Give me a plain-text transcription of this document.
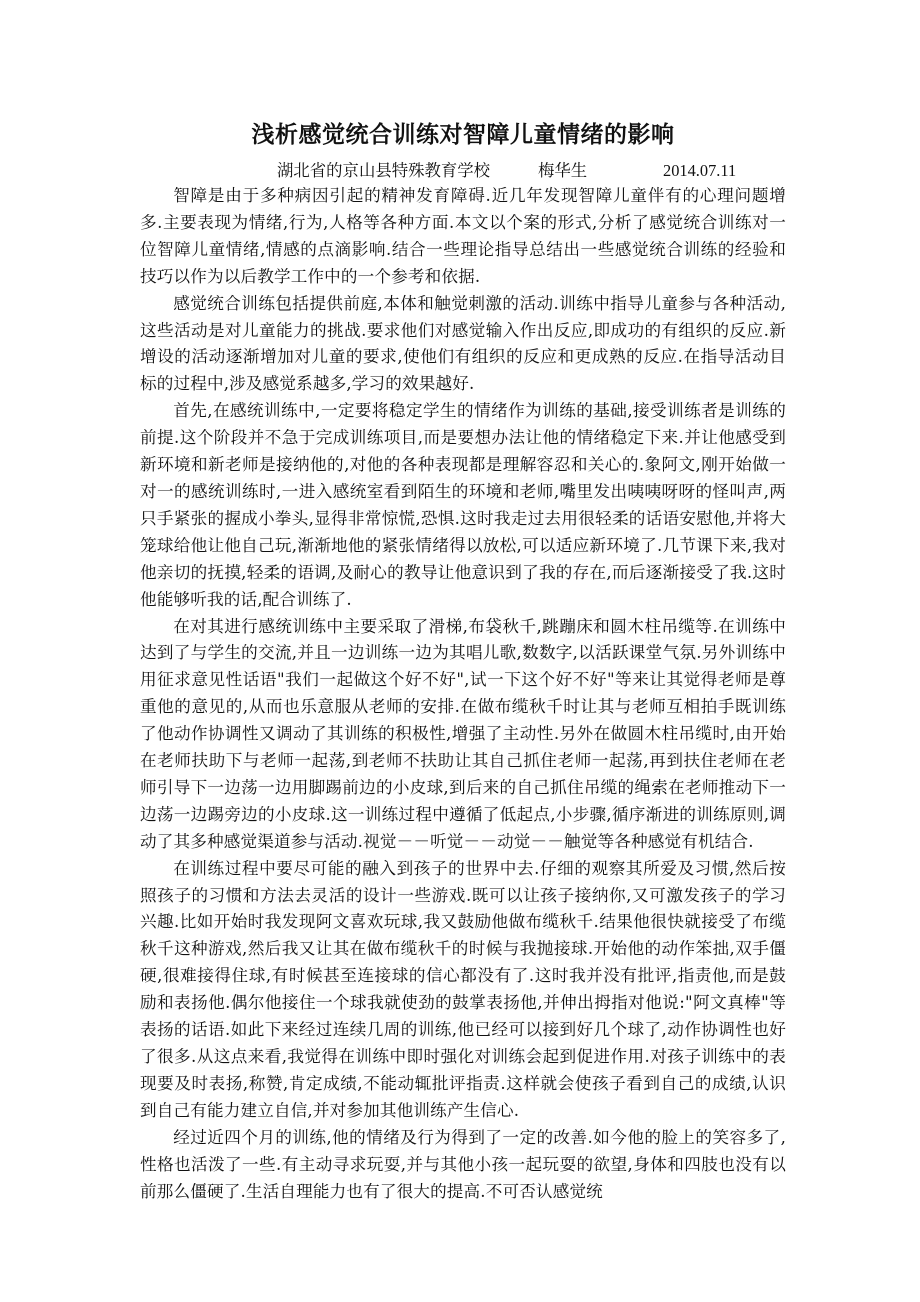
浅析感觉统合训练对智障儿童情绪的影响
湖北省的京山县特殊教育学校	梅华生	2014.07.11

智障是由于多种病因引起的精神发育障碍.近几年发现智障儿童伴有的心理问题增多.主要表现为情绪,行为,人格等各种方面.本文以个案的形式,分析了感觉统合训练对一位智障儿童情绪,情感的点滴影响.结合一些理论指导总结出一些感觉统合训练的经验和技巧以作为以后教学工作中的一个参考和依据.

感觉统合训练包括提供前庭,本体和触觉刺激的活动.训练中指导儿童参与各种活动,这些活动是对儿童能力的挑战.要求他们对感觉输入作出反应,即成功的有组织的反应.新增设的活动逐渐增加对儿童的要求,使他们有组织的反应和更成熟的反应.在指导活动目标的过程中,涉及感觉系越多,学习的效果越好.

首先,在感统训练中,一定要将稳定学生的情绪作为训练的基础,接受训练者是训练的前提.这个阶段并不急于完成训练项目,而是要想办法让他的情绪稳定下来.并让他感受到新环境和新老师是接纳他的,对他的各种表现都是理解容忍和关心的.象阿文,刚开始做一对一的感统训练时,一进入感统室看到陌生的环境和老师,嘴里发出咦咦呀呀的怪叫声,两只手紧张的握成小拳头,显得非常惊慌,恐惧.这时我走过去用很轻柔的话语安慰他,并将大笼球给他让他自己玩,渐渐地他的紧张情绪得以放松,可以适应新环境了.几节课下来,我对他亲切的抚摸,轻柔的语调,及耐心的教导让他意识到了我的存在,而后逐渐接受了我.这时他能够听我的话,配合训练了.

在对其进行感统训练中主要采取了滑梯,布袋秋千,跳蹦床和圆木柱吊缆等.在训练中达到了与学生的交流,并且一边训练一边为其唱儿歌,数数字,以活跃课堂气氛.另外训练中用征求意见性话语"我们一起做这个好不好",试一下这个好不好"等来让其觉得老师是尊重他的意见的,从而也乐意服从老师的安排.在做布缆秋千时让其与老师互相拍手既训练了他动作协调性又调动了其训练的积极性,增强了主动性.另外在做圆木柱吊缆时,由开始在老师扶助下与老师一起荡,到老师不扶助让其自己抓住老师一起荡,再到扶住老师在老师引导下一边荡一边用脚踢前边的小皮球,到后来的自己抓住吊缆的绳索在老师推动下一边荡一边踢旁边的小皮球.这一训练过程中遵循了低起点,小步骤,循序渐进的训练原则,调动了其多种感觉渠道参与活动.视觉－－听觉－－动觉－－触觉等各种感觉有机结合.

在训练过程中要尽可能的融入到孩子的世界中去.仔细的观察其所爱及习惯,然后按照孩子的习惯和方法去灵活的设计一些游戏.既可以让孩子接纳你,又可激发孩子的学习兴趣.比如开始时我发现阿文喜欢玩球,我又鼓励他做布缆秋千.结果他很快就接受了布缆秋千这种游戏,然后我又让其在做布缆秋千的时候与我抛接球.开始他的动作笨拙,双手僵硬,很难接得住球,有时候甚至连接球的信心都没有了.这时我并没有批评,指责他,而是鼓励和表扬他.偶尔他接住一个球我就使劲的鼓掌表扬他,并伸出拇指对他说:"阿文真棒"等表扬的话语.如此下来经过连续几周的训练,他已经可以接到好几个球了,动作协调性也好了很多.从这点来看,我觉得在训练中即时强化对训练会起到促进作用.对孩子训练中的表现要及时表扬,称赞,肯定成绩,不能动辄批评指责.这样就会使孩子看到自己的成绩,认识到自己有能力建立自信,并对参加其他训练产生信心.

经过近四个月的训练,他的情绪及行为得到了一定的改善.如今他的脸上的笑容多了,性格也活泼了一些.有主动寻求玩耍,并与其他小孩一起玩耍的欲望,身体和四肢也没有以前那么僵硬了.生活自理能力也有了很大的提高.不可否认感觉统
